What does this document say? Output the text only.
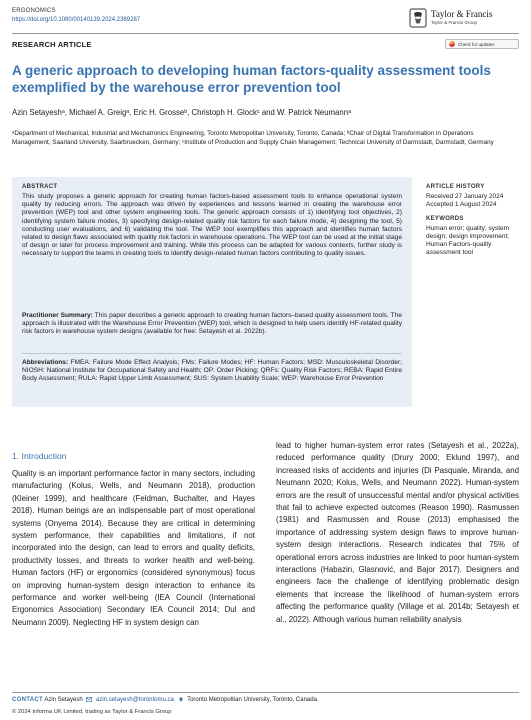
ERGONOMICS
https://doi.org/10.1080/00140139.2024.2389287
Taylor & Francis
Taylor & Francis Group
RESEARCH ARTICLE	Check for updates
A generic approach to developing human factors-quality assessment tools exemplified by the warehouse error prevention tool
Azin Setayeshᵃ, Michael A. Greigᵃ, Eric H. Grosseᵇ, Christoph H. Glockᶜ and W. Patrick Neumannᵃ
ᵃDepartment of Mechanical, Industrial and Mechatronics Engineering, Toronto Metropolitan University, Toronto, Canada; ᵇChair of Digital Transformation in Operations Management, Saarland University, Saarbruecken, Germany; ᶜInstitute of Production and Supply Chain Management, Technical University of Darmstadt, Darmstadt, Germany
ABSTRACT
This study proposes a generic approach for creating human factors-based assessment tools to enhance operational system quality by reducing errors. The approach was driven by experiences and lessons learned in creating the warehouse error prevention (WEP) tool and other system engineering tools. The generic approach consists of 1) identifying tool objectives, 2) identifying system failure modes, 3) specifying design-related quality risk factors for each failure mode, 4) designing the tool, 5) conducting user evaluations, and 6) validating the tool. The WEP tool exemplifies this approach and identifies human factors related to design flaws associated with quality risk factors in warehouse operations. The WEP tool can be used at the initial stage of design or later for process improvement and training. While this process can be adapted for various contexts, further study is necessary to support the teams in creating tools to identify design-related human factors contributing to quality issues.
Practitioner Summary: This paper describes a generic approach to creating human factors–based quality assessment tools. The approach is illustrated with the Warehouse Error Prevention (WEP) tool, which is designed to help users identify HF-related quality risk factors in warehouse system designs (available for free: Setayesh et al. 2022b).
Abbreviations: FMEA: Failure Mode Effect Analysis; FMs: Failure Modes; HF: Human Factors; MSD: Musculoskeletal Disorder; NIOSH: National Institute for Occupational Safety and Health; OP: Order Picking; QRFs: Quality Risk Factors; REBA: Rapid Entire Body Assessment; RULA: Rapid Upper Limb Assessment; SUS: System Usability Scale; WEP: Warehouse Error Prevention
ARTICLE HISTORY
Received 27 January 2024
Accepted 1 August 2024
KEYWORDS
Human error; quality; system design; design improvement; Human Factors-quality assessment tool
1. Introduction
Quality is an important performance factor in many sectors, including manufacturing (Kolus, Wells, and Neumann 2018), production (Kleiner 1999), and healthcare (Feldman, Buchalter, and Hayes 2018). Human beings are an indispensable part of most operational systems (Onyema 2014). Because they are critical in determining system performance, their capabilities and limitations, if not incorporated into the design, can lead to errors and quality deficits, productivity losses, and threats to worker health and well-being. Human factors (HF) or ergonomics (considered synonymous) focus on improving human-system design interaction to enhance its performance and worker well-being (IEA Council (International Ergonomics Association) Secondary IEA Council 2014; Dul and Neumann 2009). Neglecting HF in system design can
lead to higher human-system error rates (Setayesh et al., 2022a), reduced performance quality (Drury 2000; Eklund 1997), and increased risks of accidents and injuries (Di Pasquale, Miranda, and Neumann 2020; Kolus, Wells, and Neumann 2022). Human-system errors are the result of unsuccessful mental and/or physical activities that fail to achieve expected outcomes (Reason 1990). Rasmussen (1981) and Rasmussen and Rouse (2013) emphasised the importance of addressing system design flaws to improve human-system design interactions. Research indicates that 75% of operational errors across industries are linked to poor human-system interactions (Habazin, Glasnović, and Bajor 2017). Designers and engineers face the challenge of identifying problematic design elements that increase the likelihood of human-system errors affecting the performance quality (Village et al. 2014b; Setayesh et al., 2022). Although various human reliability analysis
CONTACT Azin Setayesh azin.setayesh@torontomu.ca Toronto Metropolitan University, Toronto, Canada.
© 2024 Informa UK Limited, trading as Taylor & Francis Group
